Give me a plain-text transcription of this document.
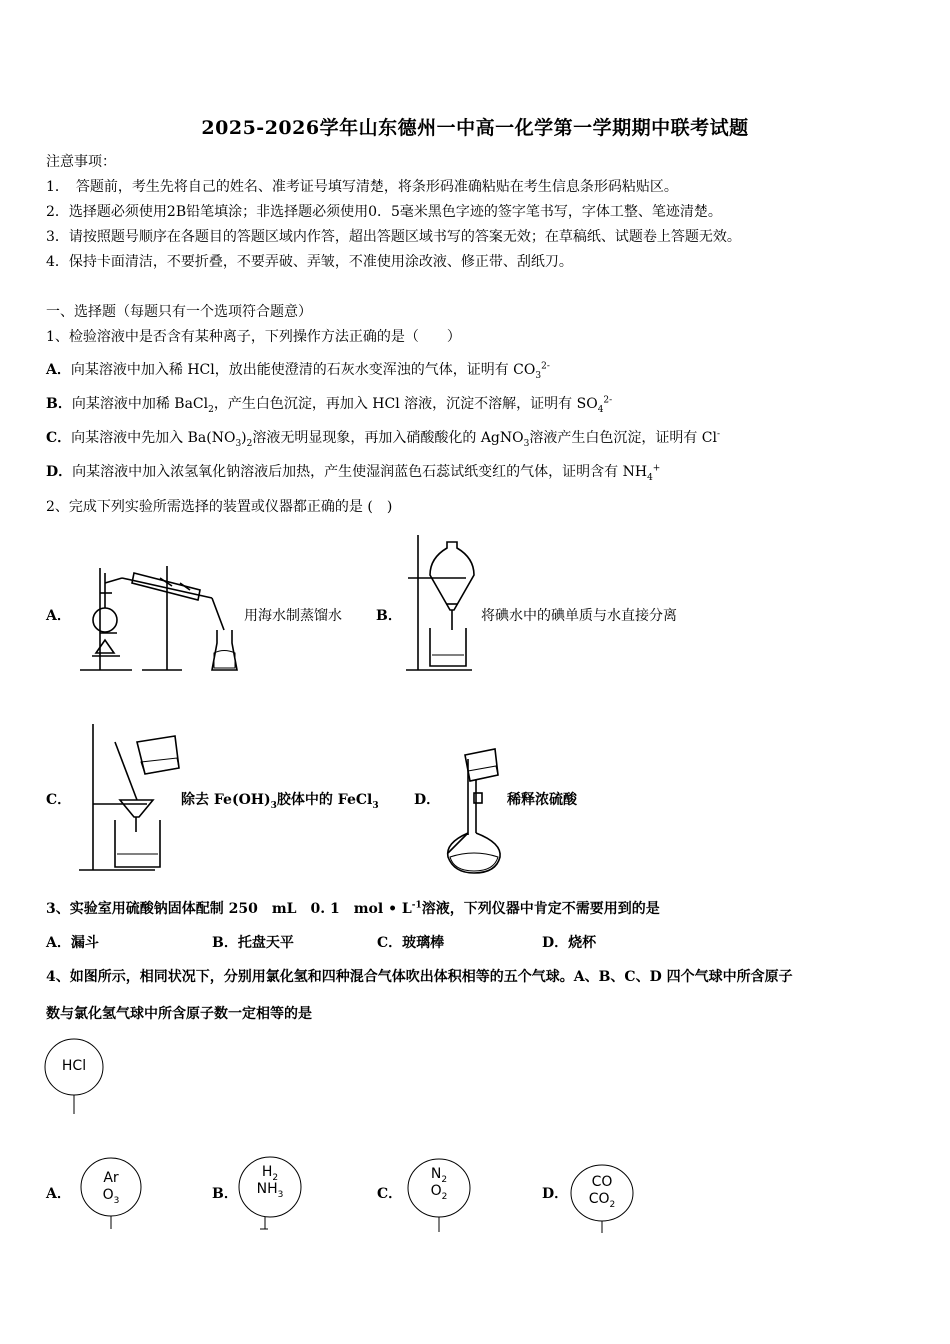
2025-2026学年山东德州一中高一化学第一学期期中联考试题
注意事项：
1．　答题前，考生先将自己的姓名、准考证号填写清楚，将条形码准确粘贴在考生信息条形码粘贴区。
2．选择题必须使用2B铅笔填涂；非选择题必须使用0．5毫米黑色字迹的签字笔书写，字体工整、笔迹清楚。
3．请按照题号顺序在各题目的答题区域内作答，超出答题区域书写的答案无效；在草稿纸、试题卷上答题无效。
4．保持卡面清洁，不要折叠，不要弄破、弄皱，不准使用涂改液、修正带、刮纸刀。
一、选择题（每题只有一个选项符合题意）
1、检验溶液中是否含有某种离子，下列操作方法正确的是（　　）
A．向某溶液中加入稀 HCl，放出能使澄清的石灰水变浑浊的气体，证明有 $CO_3^{2-}$
B．向某溶液中加稀 BaCl$_2$，产生白色沉淀，再加入 HCl 溶液，沉淀不溶解，证明有 $SO_4^{2-}$
C．向某溶液中先加入 $Ba(NO_3)_2$溶液无明显现象，再加入硝酸酸化的 AgNO$_3$溶液产生白色沉淀，证明有 Cl-
D．向某溶液中加入浓氢氧化钠溶液后加热，产生使湿润蓝色石蕊试纸变红的气体，证明含有 $NH_4^+$
2、完成下列实验所需选择的装置或仪器都正确的是 (　)
A．	用海水制蒸馏水 B．	将碘水中的碘单质与水直接分离
C．	除去 $Fe(OH)_3$胶体中的 FeCl$_3$	D．	稀释浓硫酸
3、实验室用硫酸钠固体配制 250　mL　0. 1　mol • $L^{-1}$溶液，下列仪器中肯定不需要用到的是
A．漏斗	B．托盘天平	C．玻璃棒	D．烧杯
4、如图所示，相同状况下，分别用氯化氢和四种混合气体吹出体积相等的五个气球。A、B、C、D 四个气球中所含原子
数与氯化氢气球中所含原子数一定相等的是
HCl
A．
Ar
$O_3$	B．
$H_2$
$NH_3$	C．
$N_2$
$O_2$	D．
CO
$CO_2$
